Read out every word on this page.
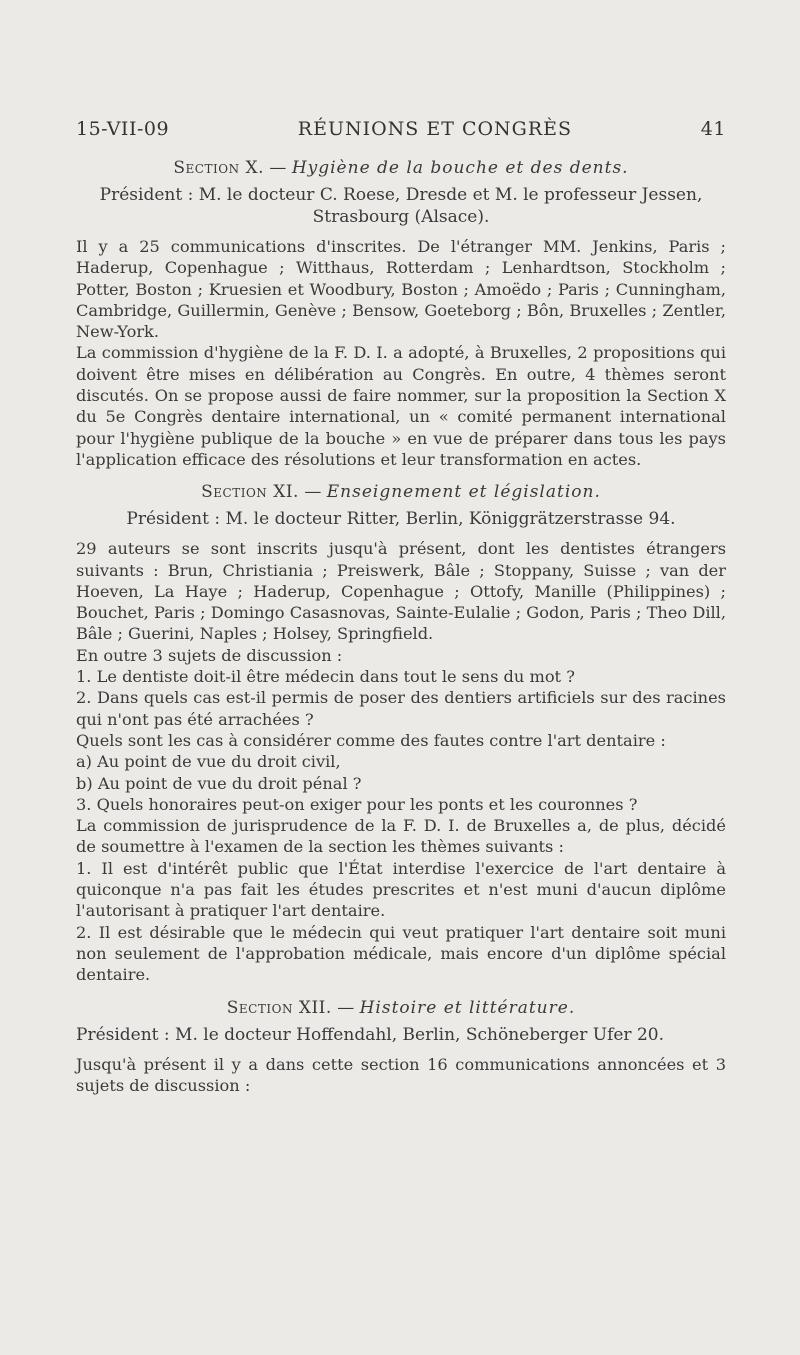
15-VII-09	RÉUNIONS ET CONGRÈS	41
Section X. — Hygiène de la bouche et des dents.

Président : M. le docteur C. Roese, Dresde et M. le professeur Jessen, Strasbourg (Alsace).

Il y a 25 communications d'inscrites. De l'étranger MM. Jenkins, Paris ; Haderup, Copenhague ; Witthaus, Rotterdam ; Lenhardtson, Stockholm ; Potter, Boston ; Kruesien et Woodbury, Boston ; Amoëdo ; Paris ; Cunningham, Cambridge, Guillermin, Genève ; Bensow, Goeteborg ; Bôn, Bruxelles ; Zentler, New-York.

La commission d'hygiène de la F. D. I. a adopté, à Bruxelles, 2 propositions qui doivent être mises en délibération au Congrès. En outre, 4 thèmes seront discutés. On se propose aussi de faire nommer, sur la proposition la Section X du 5e Congrès dentaire international, un « comité permanent international pour l'hygiène publique de la bouche » en vue de préparer dans tous les pays l'application efficace des résolutions et leur transformation en actes.

Section XI. — Enseignement et législation.

Président : M. le docteur Ritter, Berlin, Königgrätzerstrasse 94.

29 auteurs se sont inscrits jusqu'à présent, dont les dentistes étrangers suivants : Brun, Christiania ; Preiswerk, Bâle ; Stoppany, Suisse ; van der Hoeven, La Haye ; Haderup, Copenhague ; Ottofy, Manille (Philippines) ; Bouchet, Paris ; Domingo Casasnovas, Sainte-Eulalie ; Godon, Paris ; Theo Dill, Bâle ; Guerini, Naples ; Holsey, Springfield.

En outre 3 sujets de discussion :

1. Le dentiste doit-il être médecin dans tout le sens du mot ?

2. Dans quels cas est-il permis de poser des dentiers artificiels sur des racines qui n'ont pas été arrachées ?

Quels sont les cas à considérer comme des fautes contre l'art dentaire :

a) Au point de vue du droit civil,

b) Au point de vue du droit pénal ?

3. Quels honoraires peut-on exiger pour les ponts et les couronnes ?

La commission de jurisprudence de la F. D. I. de Bruxelles a, de plus, décidé de soumettre à l'examen de la section les thèmes suivants :

1. Il est d'intérêt public que l'État interdise l'exercice de l'art dentaire à quiconque n'a pas fait les études prescrites et n'est muni d'aucun diplôme l'autorisant à pratiquer l'art dentaire.

2. Il est désirable que le médecin qui veut pratiquer l'art dentaire soit muni non seulement de l'approbation médicale, mais encore d'un diplôme spécial dentaire.

Section XII. — Histoire et littérature.

Président : M. le docteur Hoffendahl, Berlin, Schöneberger Ufer 20.

Jusqu'à présent il y a dans cette section 16 communications annoncées et 3 sujets de discussion :
